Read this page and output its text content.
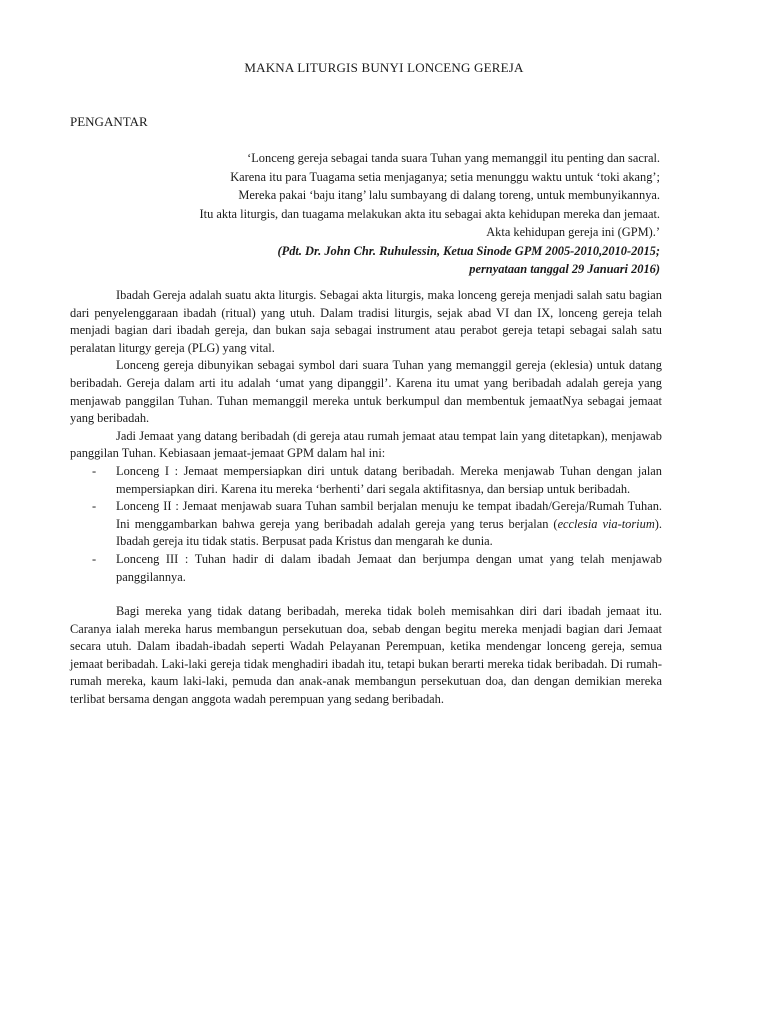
MAKNA LITURGIS BUNYI LONCENG GEREJA
PENGANTAR
‘Lonceng gereja sebagai tanda suara Tuhan yang memanggil itu penting dan sacral.
Karena itu para Tuagama setia menjaganya; setia menunggu waktu untuk ‘toki akang’;
Mereka pakai ‘baju itang’ lalu sumbayang di dalang toreng, untuk membunyikannya.
Itu akta liturgis, dan tuagama melakukan akta itu sebagai akta kehidupan mereka dan jemaat.
Akta kehidupan gereja ini (GPM).’
(Pdt. Dr. John Chr. Ruhulessin, Ketua Sinode GPM 2005-2010,2010-2015;
pernyataan tanggal 29 Januari 2016)

Ibadah Gereja adalah suatu akta liturgis. Sebagai akta liturgis, maka lonceng gereja menjadi salah satu bagian dari penyelenggaraan ibadah (ritual) yang utuh. Dalam tradisi liturgis, sejak abad VI dan IX, lonceng gereja telah menjadi bagian dari ibadah gereja, dan bukan saja sebagai instrument atau perabot gereja tetapi sebagai salah satu peralatan liturgy gereja (PLG) yang vital.

Lonceng gereja dibunyikan sebagai symbol dari suara Tuhan yang memanggil gereja (eklesia) untuk datang beribadah. Gereja dalam arti itu adalah ‘umat yang dipanggil’. Karena itu umat yang beribadah adalah gereja yang menjawab panggilan Tuhan. Tuhan memanggil mereka untuk berkumpul dan membentuk jemaatNya sebagai jemaat yang beribadah.

Jadi Jemaat yang datang beribadah (di gereja atau rumah jemaat atau tempat lain yang ditetapkan), menjawab panggilan Tuhan. Kebiasaan jemaat-jemaat GPM dalam hal ini:

- Lonceng I : Jemaat mempersiapkan diri untuk datang beribadah. Mereka menjawab Tuhan dengan jalan mempersiapkan diri. Karena itu mereka ‘berhenti’ dari segala aktifitasnya, dan bersiap untuk beribadah.
- Lonceng II : Jemaat menjawab suara Tuhan sambil berjalan menuju ke tempat ibadah/Gereja/Rumah Tuhan. Ini menggambarkan bahwa gereja yang beribadah adalah gereja yang terus berjalan (ecclesia via-torium). Ibadah gereja itu tidak statis. Berpusat pada Kristus dan mengarah ke dunia.
- Lonceng III : Tuhan hadir di dalam ibadah Jemaat dan berjumpa dengan umat yang telah menjawab panggilannya.

Bagi mereka yang tidak datang beribadah, mereka tidak boleh memisahkan diri dari ibadah jemaat itu. Caranya ialah mereka harus membangun persekutuan doa, sebab dengan begitu mereka menjadi bagian dari Jemaat secara utuh. Dalam ibadah-ibadah seperti Wadah Pelayanan Perempuan, ketika mendengar lonceng gereja, semua jemaat beribadah. Laki-laki gereja tidak menghadiri ibadah itu, tetapi bukan berarti mereka tidak beribadah. Di rumah-rumah mereka, kaum laki-laki, pemuda dan anak-anak membangun persekutuan doa, dan dengan demikian mereka terlibat bersama dengan anggota wadah perempuan yang sedang beribadah.
